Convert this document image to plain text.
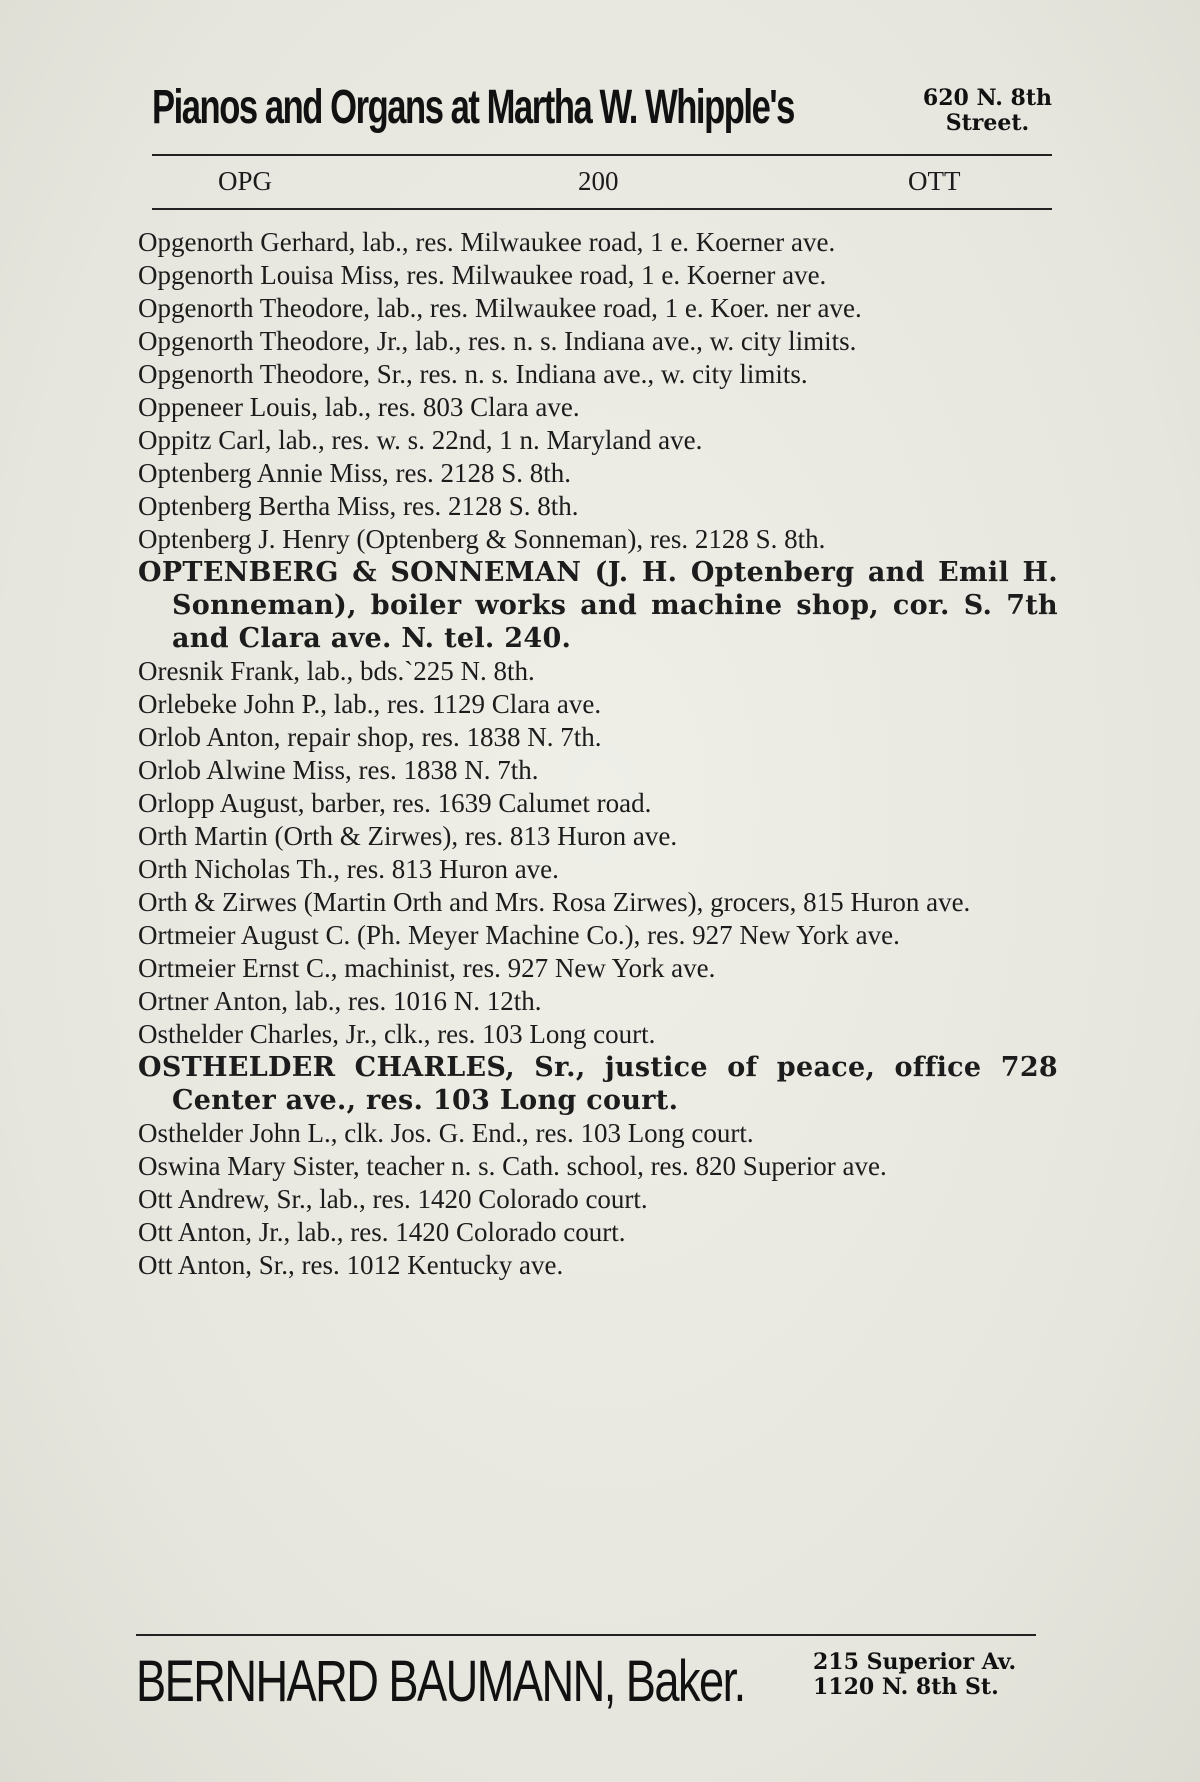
Pianos and Organs at Martha W. Whipple's	620 N. 8th
Street.
OPG	200	OTT

Opgenorth Gerhard, lab., res. Milwaukee road, 1 e. Koerner ave.

Opgenorth Louisa Miss, res. Milwaukee road, 1 e. Koerner ave.

Opgenorth Theodore, lab., res. Milwaukee road, 1 e. Koer. ner ave.

Opgenorth Theodore, Jr., lab., res. n. s. Indiana ave., w. city limits.

Opgenorth Theodore, Sr., res. n. s. Indiana ave., w. city limits.

Oppeneer Louis, lab., res. 803 Clara ave.

Oppitz Carl, lab., res. w. s. 22nd, 1 n. Maryland ave.

Optenberg Annie Miss, res. 2128 S. 8th.

Optenberg Bertha Miss, res. 2128 S. 8th.

Optenberg J. Henry (Optenberg & Sonneman), res. 2128 S. 8th.

OPTENBERG & SONNEMAN (J. H. Optenberg and Emil H. Sonneman), boiler works and machine shop, cor. S. 7th and Clara ave. N. tel. 240.

Oresnik Frank, lab., bds.`225 N. 8th.

Orlebeke John P., lab., res. 1129 Clara ave.

Orlob Anton, repair shop, res. 1838 N. 7th.

Orlob Alwine Miss, res. 1838 N. 7th.

Orlopp August, barber, res. 1639 Calumet road.

Orth Martin (Orth & Zirwes), res. 813 Huron ave.

Orth Nicholas Th., res. 813 Huron ave.

Orth & Zirwes (Martin Orth and Mrs. Rosa Zirwes), grocers, 815 Huron ave.

Ortmeier August C. (Ph. Meyer Machine Co.), res. 927 New York ave.

Ortmeier Ernst C., machinist, res. 927 New York ave.

Ortner Anton, lab., res. 1016 N. 12th.

Osthelder Charles, Jr., clk., res. 103 Long court.

OSTHELDER CHARLES, Sr., justice of peace, office 728 Center ave., res. 103 Long court.

Osthelder John L., clk. Jos. G. End., res. 103 Long court.

Oswina Mary Sister, teacher n. s. Cath. school, res. 820 Superior ave.

Ott Andrew, Sr., lab., res. 1420 Colorado court.

Ott Anton, Jr., lab., res. 1420 Colorado court.

Ott Anton, Sr., res. 1012 Kentucky ave.

BERNHARD BAUMANN, Baker.	215 Superior Av.
1120 N. 8th St.
